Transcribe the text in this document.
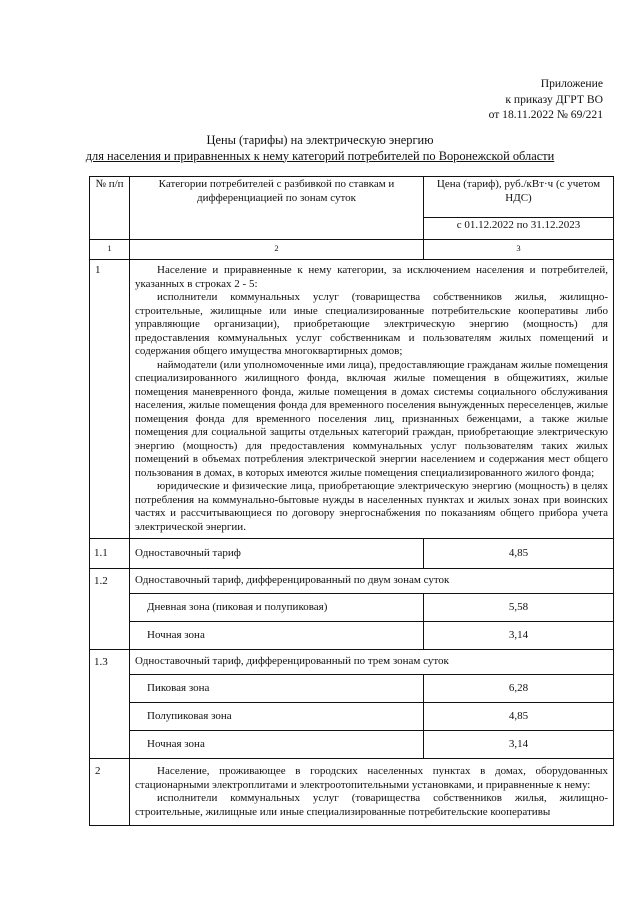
Приложение
к приказу ДГРТ ВО
от 18.11.2022 № 69/221
Цены (тарифы) на электрическую энергию
для населения и приравненных к нему категорий потребителей по Воронежской области
№ п/п	Категории потребителей с разбивкой по ставкам и дифференциацией по зонам суток	Цена (тариф), руб./кВт·ч (с учетом НДС)
		с 01.12.2022 по 31.12.2023
1	2	3
1	Население и приравненные к нему категории, за исключением населения и потребителей, указанных в строках 2 - 5:

исполнители коммунальных услуг (товарищества собственников жилья, жилищно-строительные, жилищные или иные специализированные потребительские кооперативы либо управляющие организации), приобретающие электрическую энергию (мощность) для предоставления коммунальных услуг собственникам и пользователям жилых помещений и содержания общего имущества многоквартирных домов;

наймодатели (или уполномоченные ими лица), предоставляющие гражданам жилые помещения специализированного жилищного фонда, включая жилые помещения в общежитиях, жилые помещения маневренного фонда, жилые помещения в домах системы социального обслуживания населения, жилые помещения фонда для временного поселения вынужденных переселенцев, жилые помещения фонда для временного поселения лиц, признанных беженцами, а также жилые помещения для социальной защиты отдельных категорий граждан, приобретающие электрическую энергию (мощность) для предоставления коммунальных услуг пользователям таких жилых помещений в объемах потребления электрической энергии населением и содержания мест общего пользования в домах, в которых имеются жилые помещения специализированного жилого фонда;

юридические и физические лица, приобретающие электрическую энергию (мощность) в целях потребления на коммунально-бытовые нужды в населенных пунктах и жилых зонах при воинских частях и рассчитывающиеся по договору энергоснабжения по показаниям общего прибора учета электрической энергии.	

1.1	Одноставочный тариф	4,85
1.2	Одноставочный тариф, дифференцированный по двум зонам суток	
	Дневная зона (пиковая и полупиковая)	5,58
	Ночная зона	3,14
1.3	Одноставочный тариф, дифференцированный по трем зонам суток	
	Пиковая зона	6,28
	Полупиковая зона	4,85
	Ночная зона	3,14
2	Население, проживающее в городских населенных пунктах в домах, оборудованных стационарными электроплитами и электроотопительными установками, и приравненные к нему:

исполнители коммунальных услуг (товарищества собственников жилья, жилищно-строительные, жилищные или иные специализированные потребительские кооперативы	
